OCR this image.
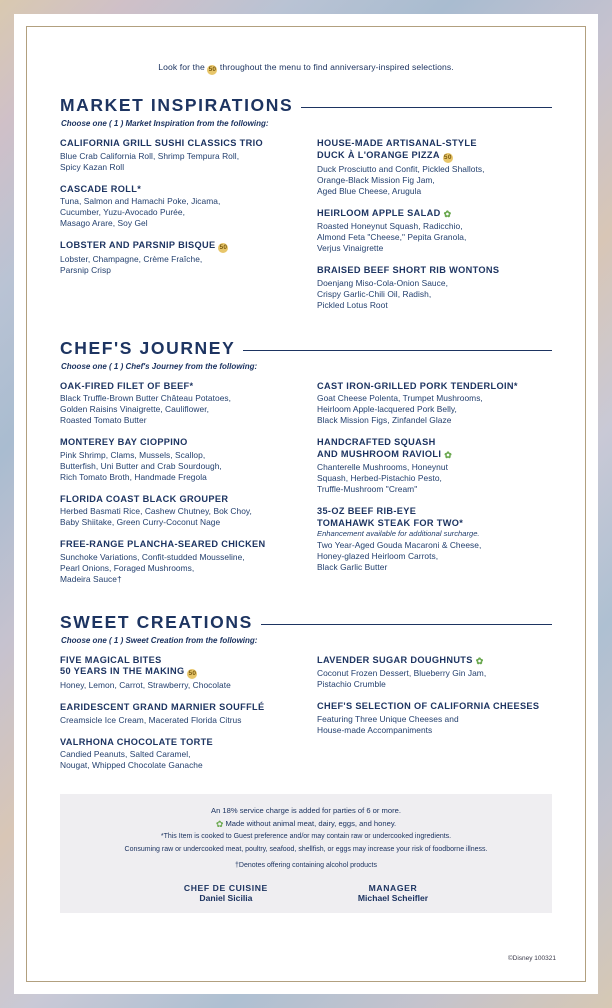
Look for the 50 throughout the menu to find anniversary-inspired selections.
MARKET INSPIRATIONS
Choose one ( 1 ) Market Inspiration from the following:
CALIFORNIA GRILL SUSHI CLASSICS TRIO
Blue Crab California Roll, Shrimp Tempura Roll,
Spicy Kazan Roll
CASCADE ROLL*
Tuna, Salmon and Hamachi Poke, Jicama,
Cucumber, Yuzu-Avocado Purée,
Masago Arare, Soy Gel
LOBSTER AND PARSNIP BISQUE 50
Lobster, Champagne, Crème Fraîche,
Parsnip Crisp
HOUSE-MADE ARTISANAL-STYLE
DUCK À L'ORANGE PIZZA 50
Duck Prosciutto and Confit, Pickled Shallots,
Orange-Black Mission Fig Jam,
Aged Blue Cheese, Arugula
HEIRLOOM APPLE SALAD ✿
Roasted Honeynut Squash, Radicchio,
Almond Feta "Cheese," Pepita Granola,
Verjus Vinaigrette
BRAISED BEEF SHORT RIB WONTONS
Doenjang Miso-Cola-Onion Sauce,
Crispy Garlic-Chili Oil, Radish,
Pickled Lotus Root
CHEF'S JOURNEY
Choose one ( 1 ) Chef's Journey from the following:
OAK-FIRED FILET OF BEEF*
Black Truffle-Brown Butter Château Potatoes,
Golden Raisins Vinaigrette, Cauliflower,
Roasted Tomato Butter
MONTEREY BAY CIOPPINO
Pink Shrimp, Clams, Mussels, Scallop,
Butterfish, Uni Butter and Crab Sourdough,
Rich Tomato Broth, Handmade Fregola
FLORIDA COAST BLACK GROUPER
Herbed Basmati Rice, Cashew Chutney, Bok Choy,
Baby Shiitake, Green Curry-Coconut Nage
FREE-RANGE PLANCHA-SEARED CHICKEN
Sunchoke Variations, Confit-studded Mousseline,
Pearl Onions, Foraged Mushrooms,
Madeira Sauce†
CAST IRON-GRILLED PORK TENDERLOIN*
Goat Cheese Polenta, Trumpet Mushrooms,
Heirloom Apple-lacquered Pork Belly,
Black Mission Figs, Zinfandel Glaze
HANDCRAFTED SQUASH
AND MUSHROOM RAVIOLI ✿
Chanterelle Mushrooms, Honeynut
Squash, Herbed-Pistachio Pesto,
Truffle-Mushroom "Cream"
35-OZ BEEF RIB-EYE
TOMAHAWK STEAK FOR TWO*
Enhancement available for additional surcharge.
Two Year-Aged Gouda Macaroni & Cheese,
Honey-glazed Heirloom Carrots,
Black Garlic Butter
SWEET CREATIONS
Choose one ( 1 ) Sweet Creation from the following:
FIVE MAGICAL BITES
50 YEARS IN THE MAKING 50
Honey, Lemon, Carrot, Strawberry, Chocolate
EARIDESCENT GRAND MARNIER SOUFFLÉ
Creamsicle Ice Cream, Macerated Florida Citrus
VALRHONA CHOCOLATE TORTE
Candied Peanuts, Salted Caramel,
Nougat, Whipped Chocolate Ganache
LAVENDER SUGAR DOUGHNUTS ✿
Coconut Frozen Dessert, Blueberry Gin Jam,
Pistachio Crumble
CHEF'S SELECTION OF CALIFORNIA CHEESES
Featuring Three Unique Cheeses and
House-made Accompaniments

An 18% service charge is added for parties of 6 or more.

✿ Made without animal meat, dairy, eggs, and honey.

*This Item is cooked to Guest preference and/or may contain raw or undercooked ingredients.

Consuming raw or undercooked meat, poultry, seafood, shellfish, or eggs may increase your risk of foodborne illness.

†Denotes offering containing alcohol products

CHEF DE CUISINE
Daniel Sicilia
MANAGER
Michael Scheifler
©Disney 100321
